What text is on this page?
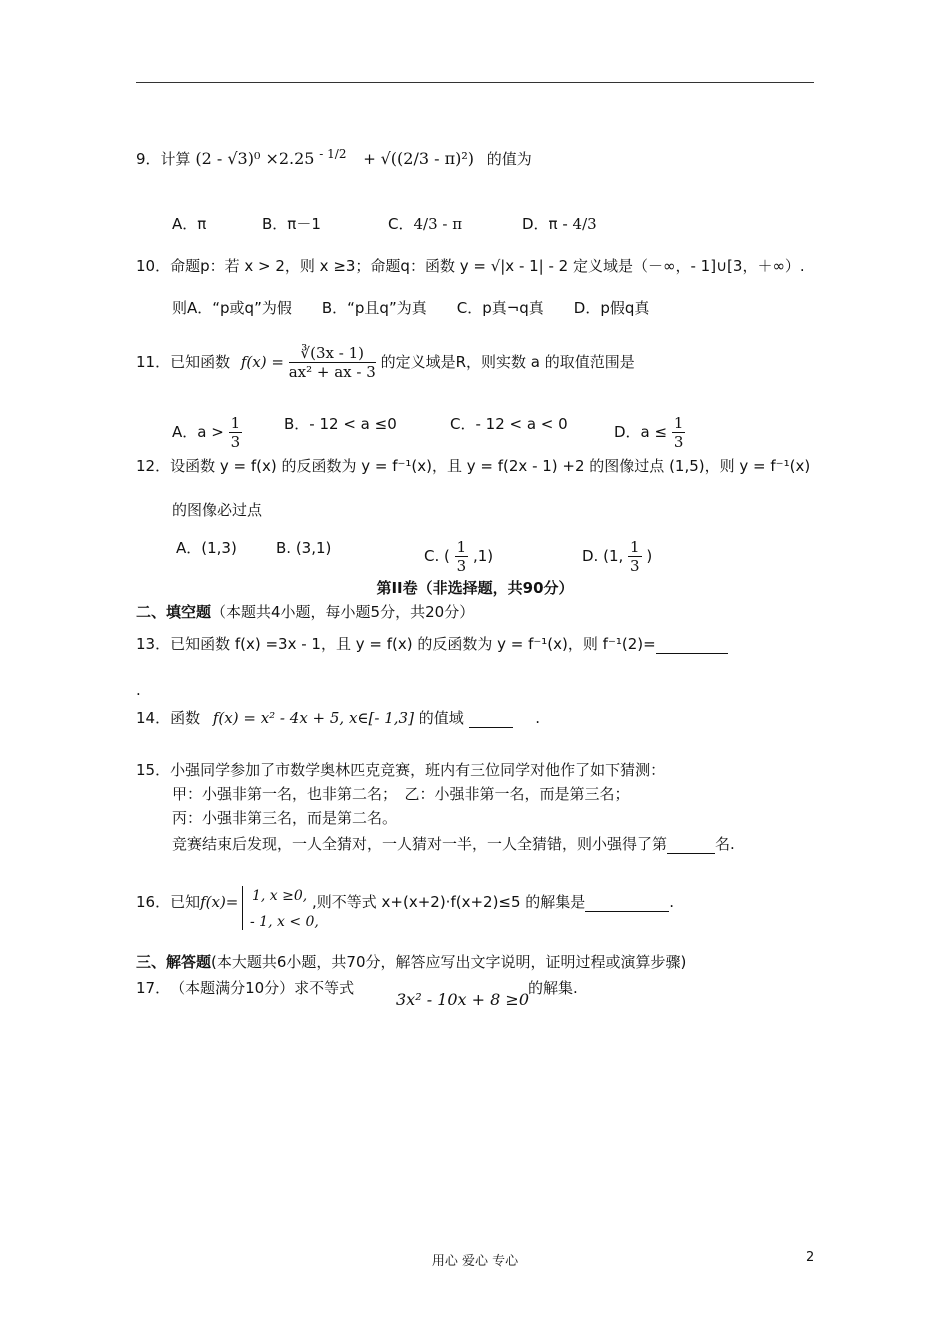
9．计算 (2 - √3)⁰ ×2.25 $^{- 1/2}$ + √((2/3 - π)²) 的值为
A．π	B．π－1	C．4/3 - π	D．π - 4/3
10．命题p：若 x > 2，则 x ≥3；命题q：函数 y = √|x - 1| - 2 定义域是（－∞，- 1]∪[3，＋∞）.
则A．“p或q”为假　　B．“p且q”为真　　C．p真¬q真　　D．p假q真
11．已知函数 $f(x) = \frac{∛(3x - 1)}{\text{ax² + ax - 3}}$ 的定义域是R，则实数 a 的取值范围是
A．$a > \frac{1}{3}$	B．- 12 < a ≤0	C．- 12 < a < 0	D．$a \le \frac{1}{3}$
12．设函数 y = f(x) 的反函数为 y = f⁻¹(x)，且 y = f(2x - 1) +2 的图像过点 (1,5)，则 y = f⁻¹(x)
的图像必过点
A．(1,3)	B. (3,1)	C. ( $\frac{1}{3} ,1$)	D. (1, $\frac{1}{3}$ )
第II卷（非选择题，共90分）
二、填空题（本题共4小题，每小题5分，共20分）
13．已知函数 f(x) =3x - 1，且 y = f(x) 的反函数为 y = f⁻¹(x)，则 f⁻¹(2)=
.
14．函数 f(x) = x² - 4x + 5, x∈[- 1,3] 的值域	.
15．小强同学参加了市数学奥林匹克竞赛，班内有三位同学对他作了如下猜测：
甲：小强非第一名，也非第二名；　乙：小强非第一名，而是第三名；
丙：小强非第三名，而是第二名。
竞赛结束后发现，一人全猜对，一人猜对一半，一人全猜错，则小强得了第	名.
16．已知f(x)= 1, x ≥0,
- 1, x < 0,
,则不等式 x+(x+2)·f(x+2)≤5 的解集是	.
三、解答题(本大题共6小题，共70分，解答应写出文字说明，证明过程或演算步骤)
17．　（本题满分10分）求不等式
3x² - 10x + 8 ≥0
的解集.
用心 爱心 专心	2
